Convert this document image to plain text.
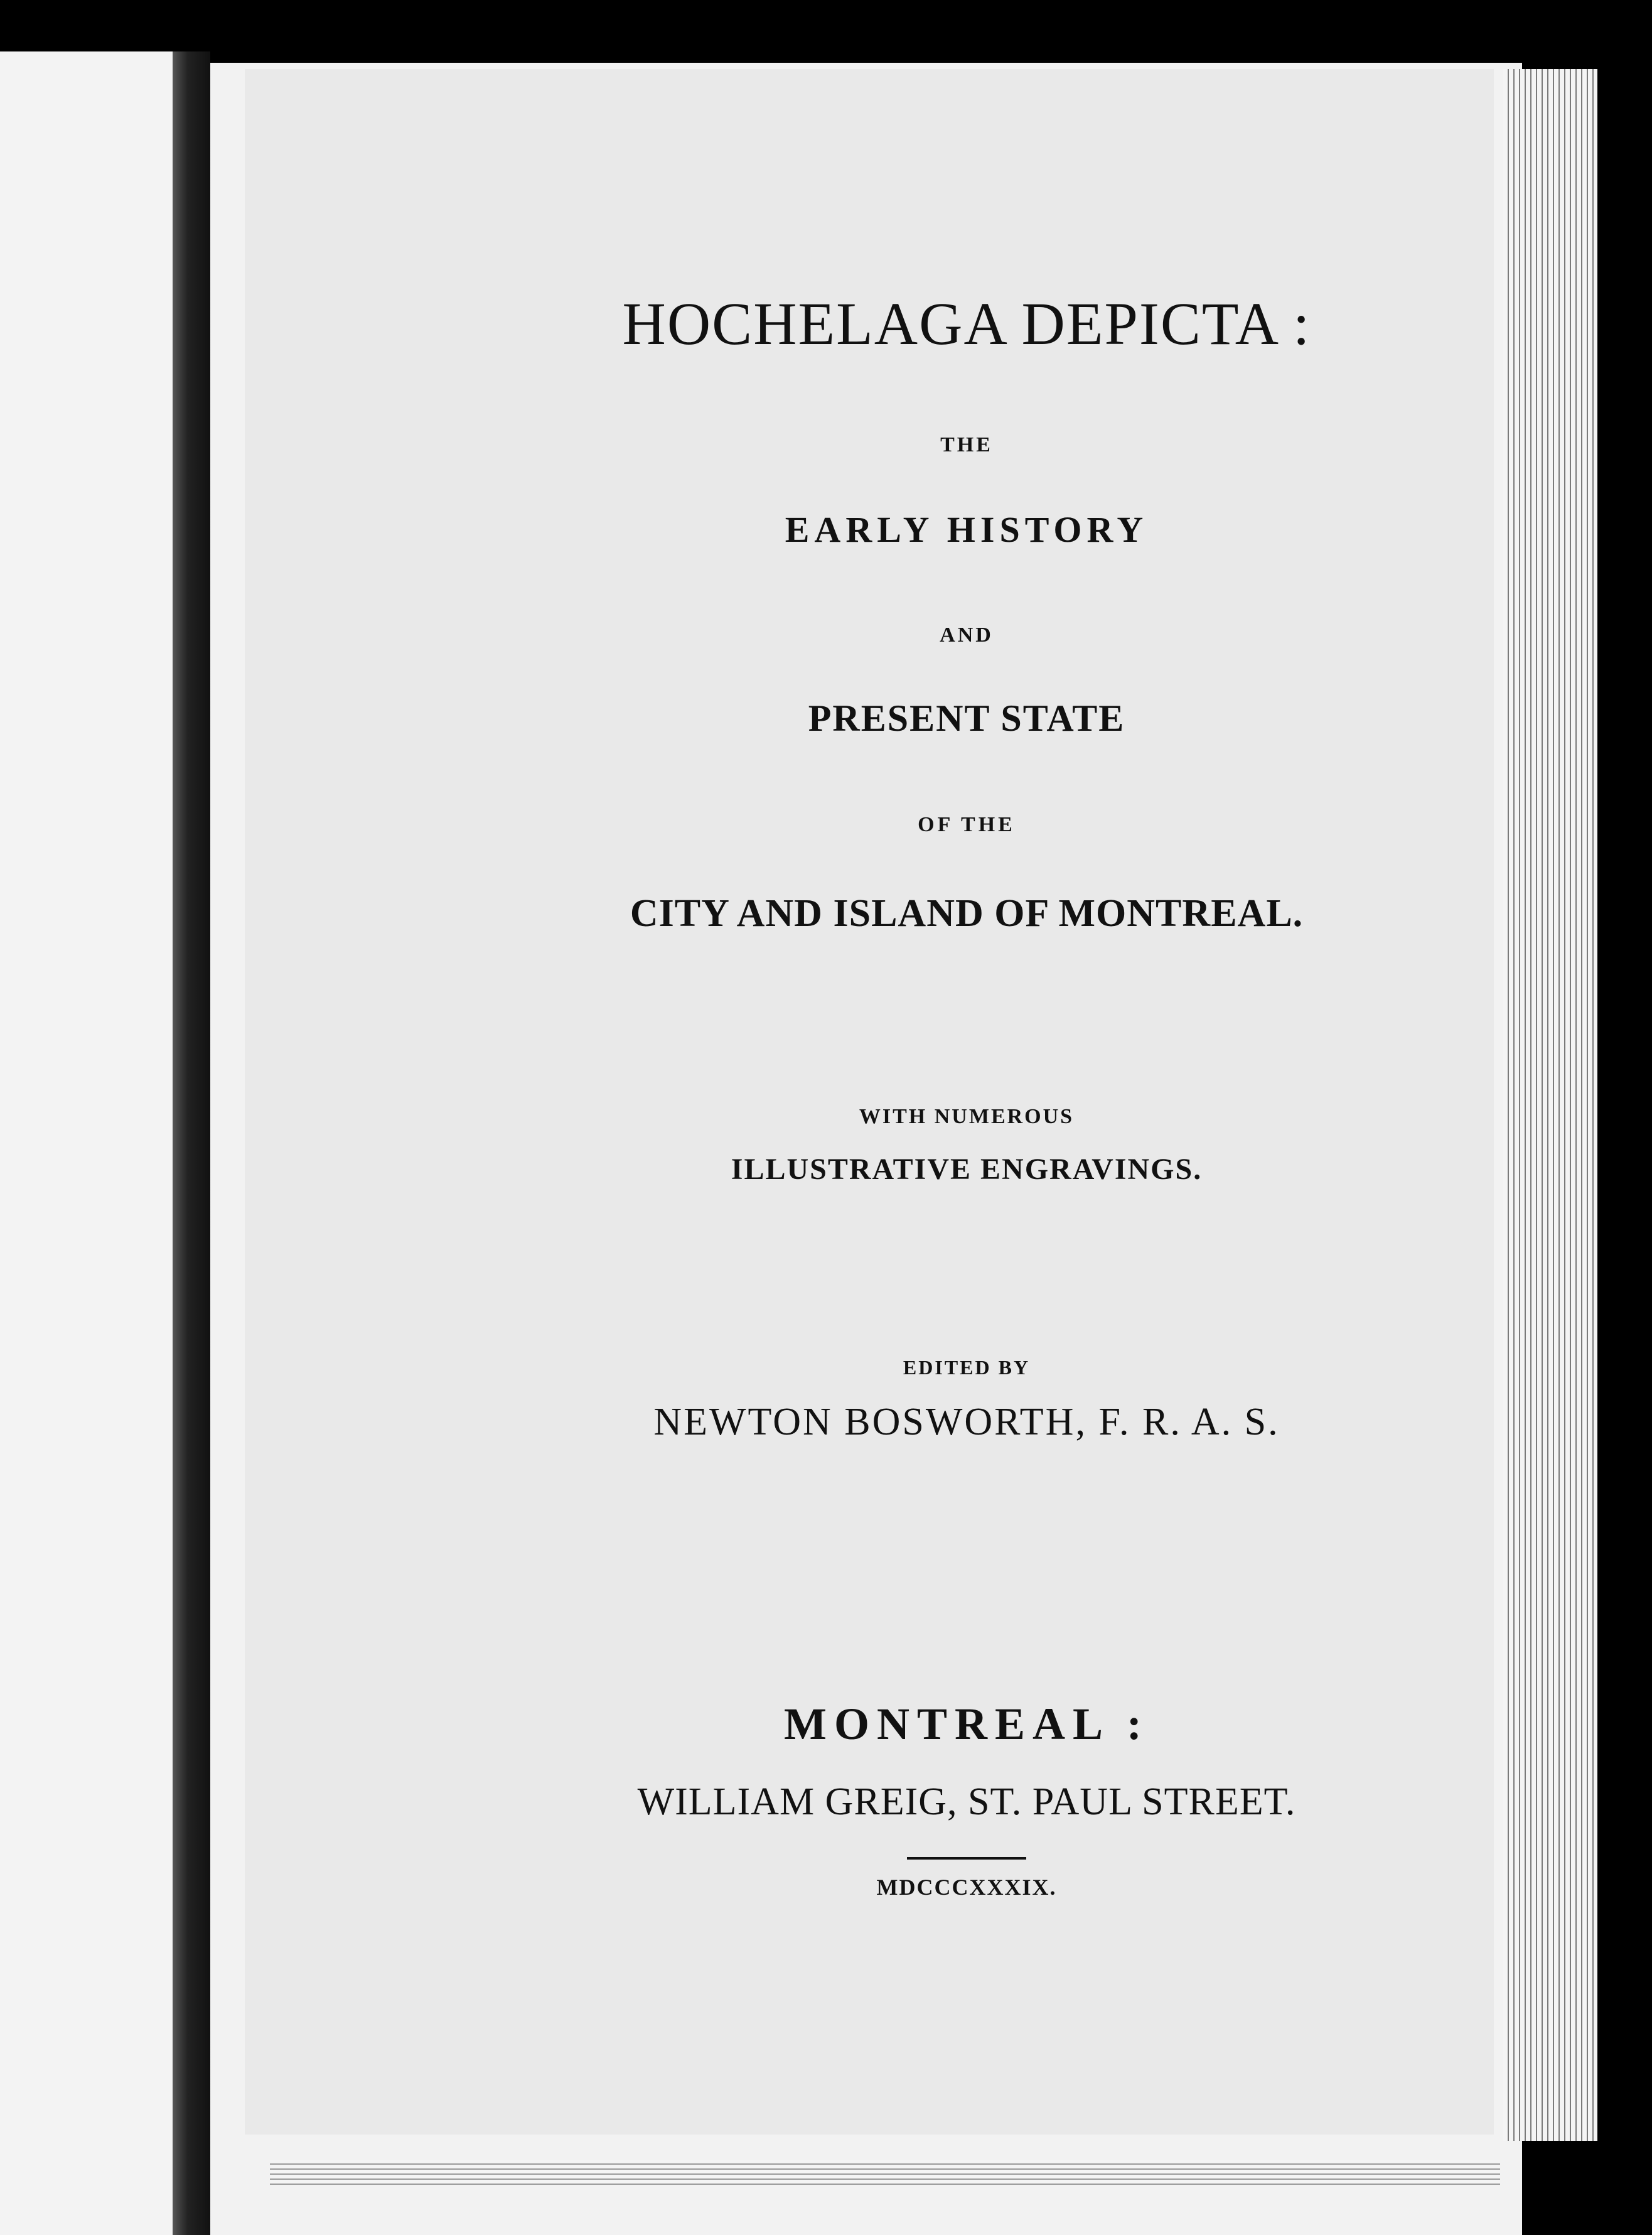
HOCHELAGA DEPICTA :
THE
EARLY HISTORY
AND
PRESENT STATE
OF THE
CITY AND ISLAND OF MONTREAL.
WITH NUMEROUS
ILLUSTRATIVE ENGRAVINGS.
EDITED BY
NEWTON BOSWORTH, F. R. A. S.
MONTREAL :
WILLIAM GREIG, ST. PAUL STREET.
MDCCCXXXIX.
